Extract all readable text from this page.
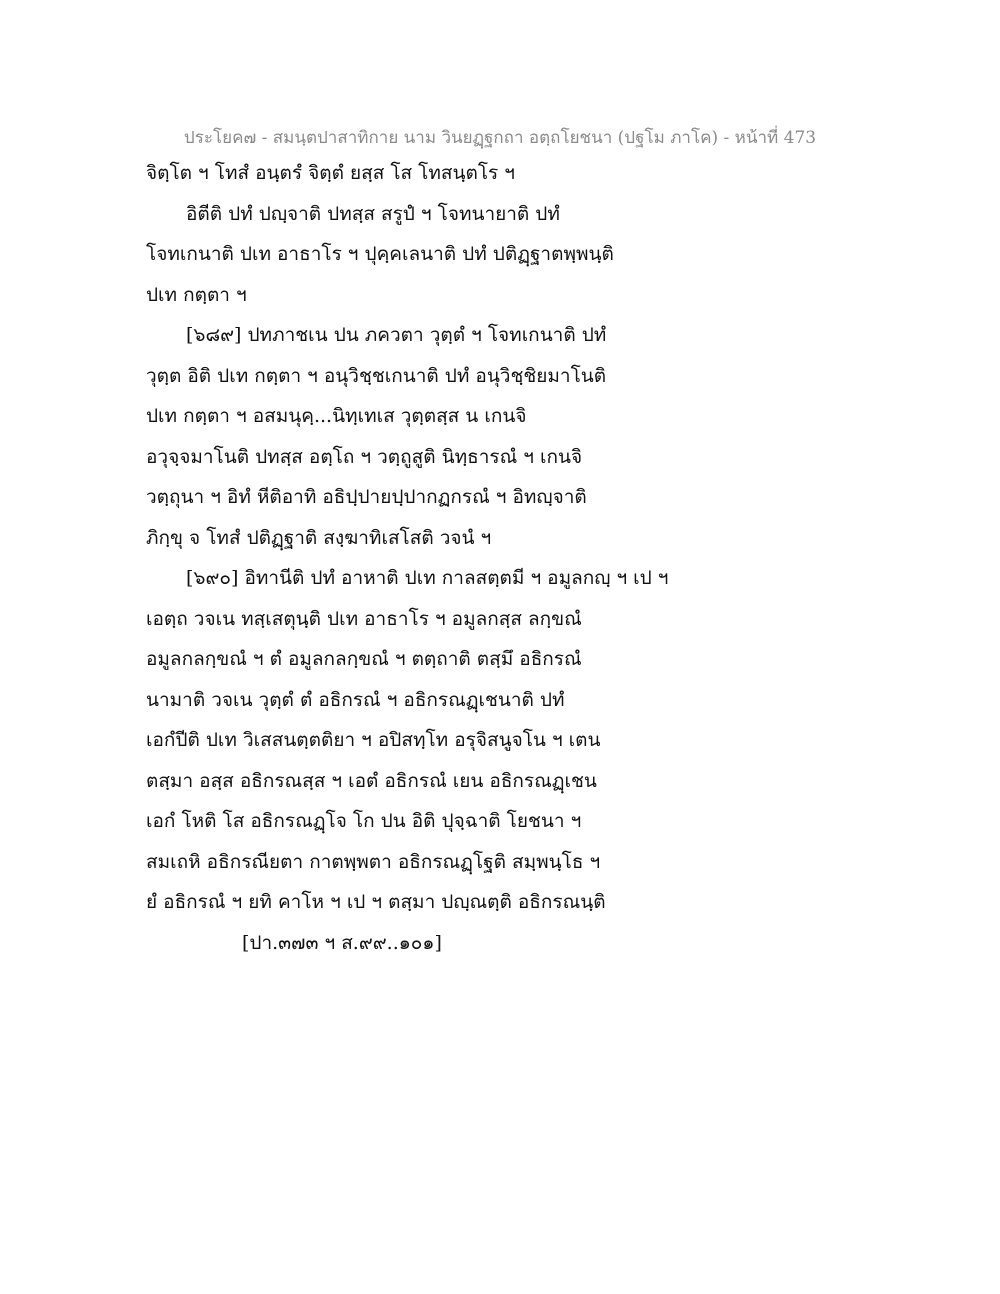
ประโยค๗ - สมนฺตปาสาทิกาย นาม วินยฏฺฐกถา อตฺถโยชนา (ปฐโม ภาโค) - หน้าที่ 473
จิตฺโต ฯ โทสํ อนฺตรํ จิตฺตํ ยสฺส โส โทสนฺตโร ฯ
อิตีติ ปทํ ปญฺจาติ ปทสฺส สรูปํ ฯ โจทนายาติ ปทํ
โจทเกนาติ ปเท อาธาโร ฯ ปุคฺคเลนาติ ปทํ ปติฏฺฐาตพฺพนฺติ
ปเท กตฺตา ฯ
[๖๘๙] ปทภาชเน ปน ภควตา วุตฺตํ ฯ โจทเกนาติ ปทํ
วุตฺต อิติ ปเท กตฺตา ฯ อนุวิชฺชเกนาติ ปทํ อนุวิชฺชิยมาโนติ
ปเท กตฺตา ฯ อสมนุคฺ...นิทฺเทเส วุตฺตสฺส น เกนจิ
อวุจฺจมาโนติ ปทสฺส อตฺโถ ฯ วตฺถูสูติ นิทฺธารณํ ฯ เกนจิ
วตฺถุนา ฯ อิทํ หีติอาทิ อธิปฺปายปฺปากฏกรณํ ฯ อิทญฺจาติ
ภิกฺขุ จ โทสํ ปติฏฺฐาติ สงฺฆาทิเสโสติ วจนํ ฯ
[๖๙๐] อิทานีติ ปทํ อาหาติ ปเท กาลสตฺตมี ฯ อมูลกญฺ ฯ เป ฯ
เอตฺถ วจเน ทสฺเสตุนฺติ ปเท อาธาโร ฯ อมูลกสฺส ลกฺขณํ
อมูลกลกฺขณํ ฯ ตํ อมูลกลกฺขณํ ฯ ตตฺถาติ ตสฺมึ อธิกรณํ
นามาติ วจเน วุตฺตํ ตํ อธิกรณํ ฯ อธิกรณฏฺเชนาติ ปทํ
เอกํปีติ ปเท วิเสสนตฺตติยา ฯ อปิสทฺโท อรุจิสนูจโน ฯ เตน
ตสฺมา อสฺส อธิกรณสฺส ฯ เอตํ อธิกรณํ เยน อธิกรณฏฺเชน
เอกํ โหติ โส อธิกรณฏฺโจ โก ปน อิติ ปุจฺฉาติ โยชนา ฯ
สมเถหิ อธิกรณียตา กาตพฺพตา อธิกรณฏฺโฐติ สมฺพนฺโธ ฯ
ยํ อธิกรณํ ฯ ยทิ คาโห ฯ เป ฯ ตสฺมา ปญฺณตฺติ อธิกรณนฺติ
[ปา.๓๗๓ ฯ ส.๙๙..๑๐๑]
